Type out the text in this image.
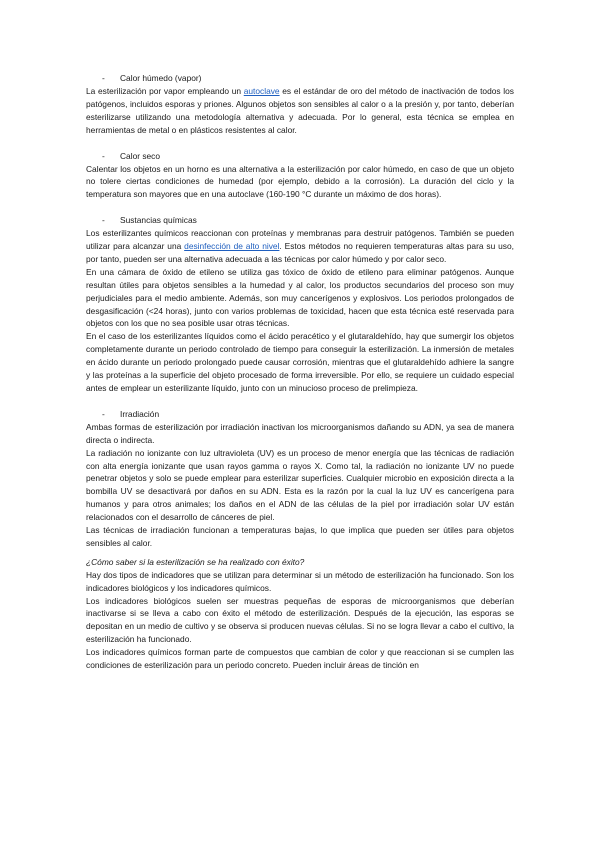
- Calor húmedo (vapor)

La esterilización por vapor empleando un autoclave es el estándar de oro del método de inactivación de todos los patógenos, incluidos esporas y priones. Algunos objetos son sensibles al calor o a la presión y, por tanto, deberían esterilizarse utilizando una metodología alternativa y adecuada. Por lo general, esta técnica se emplea en herramientas de metal o en plásticos resistentes al calor.

- Calor seco

Calentar los objetos en un horno es una alternativa a la esterilización por calor húmedo, en caso de que un objeto no tolere ciertas condiciones de humedad (por ejemplo, debido a la corrosión). La duración del ciclo y la temperatura son mayores que en una autoclave (160-190 °C durante un máximo de dos horas).

- Sustancias químicas

Los esterilizantes químicos reaccionan con proteínas y membranas para destruir patógenos. También se pueden utilizar para alcanzar una desinfección de alto nivel. Estos métodos no requieren temperaturas altas para su uso, por tanto, pueden ser una alternativa adecuada a las técnicas por calor húmedo y por calor seco.

En una cámara de óxido de etileno se utiliza gas tóxico de óxido de etileno para eliminar patógenos. Aunque resultan útiles para objetos sensibles a la humedad y al calor, los productos secundarios del proceso son muy perjudiciales para el medio ambiente. Además, son muy cancerígenos y explosivos. Los periodos prolongados de desgasificación (<24 horas), junto con varios problemas de toxicidad, hacen que esta técnica esté reservada para objetos con los que no sea posible usar otras técnicas.

En el caso de los esterilizantes líquidos como el ácido peracético y el glutaraldehído, hay que sumergir los objetos completamente durante un periodo controlado de tiempo para conseguir la esterilización. La inmersión de metales en ácido durante un periodo prolongado puede causar corrosión, mientras que el glutaraldehído adhiere la sangre y las proteínas a la superficie del objeto procesado de forma irreversible. Por ello, se requiere un cuidado especial antes de emplear un esterilizante líquido, junto con un minucioso proceso de prelimpieza.

- Irradiación

Ambas formas de esterilización por irradiación inactivan los microorganismos dañando su ADN, ya sea de manera directa o indirecta.

La radiación no ionizante con luz ultravioleta (UV) es un proceso de menor energía que las técnicas de radiación con alta energía ionizante que usan rayos gamma o rayos X. Como tal, la radiación no ionizante UV no puede penetrar objetos y solo se puede emplear para esterilizar superficies. Cualquier microbio en exposición directa a la bombilla UV se desactivará por daños en su ADN. Esta es la razón por la cual la luz UV es cancerígena para humanos y para otros animales; los daños en el ADN de las células de la piel por irradiación solar UV están relacionados con el desarrollo de cánceres de piel.

Las técnicas de irradiación funcionan a temperaturas bajas, lo que implica que pueden ser útiles para objetos sensibles al calor.

¿Cómo saber si la esterilización se ha realizado con éxito?

Hay dos tipos de indicadores que se utilizan para determinar si un método de esterilización ha funcionado. Son los indicadores biológicos y los indicadores químicos.

Los indicadores biológicos suelen ser muestras pequeñas de esporas de microorganismos que deberían inactivarse si se lleva a cabo con éxito el método de esterilización. Después de la ejecución, las esporas se depositan en un medio de cultivo y se observa si producen nuevas células. Si no se logra llevar a cabo el cultivo, la esterilización ha funcionado.

Los indicadores químicos forman parte de compuestos que cambian de color y que reaccionan si se cumplen las condiciones de esterilización para un periodo concreto. Pueden incluir áreas de tinción en
